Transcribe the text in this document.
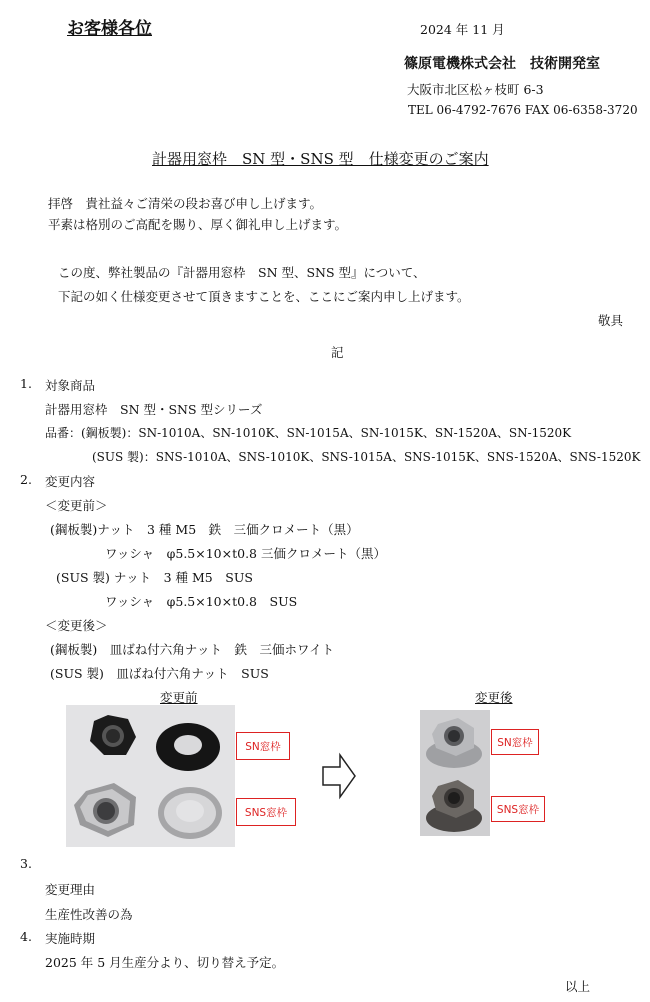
お客様各位	2024 年 11 月
篠原電機株式会社　技術開発室
大阪市北区松ヶ枝町 6-3
TEL 06-4792-7676 FAX 06-6358-3720
計器用窓枠　SN 型・SNS 型　仕様変更のご案内
拝啓　貴社益々ご清栄の段お喜び申し上げます。
平素は格別のご高配を賜り、厚く御礼申し上げます。
この度、弊社製品の『計器用窓枠　SN 型、SNS 型』について、
下記の如く仕様変更させて頂きますことを、ここにご案内申し上げます。
敬具
記
1. 対象商品
計器用窓枠　SN 型・SNS 型シリーズ
品番：(鋼板製)：SN-1010A、SN-1010K、SN-1015A、SN-1015K、SN-1520A、SN-1520K
(SUS 製)：SNS-1010A、SNS-1010K、SNS-1015A、SNS-1015K、SNS-1520A、SNS-1520K
2. 変更内容
＜変更前＞
(鋼板製)ナット　3 種 M5　鉄　三価クロメート（黒）
ワッシャ　φ5.5×10×t0.8 三価クロメート（黒）
(SUS 製) ナット　3 種 M5　SUS
ワッシャ　φ5.5×10×t0.8　SUS
＜変更後＞
(鋼板製)　皿ばね付六角ナット　鉄　三価ホワイト
(SUS 製)　皿ばね付六角ナット　SUS
変更前	変更後
SN窓枠
SNS窓枠
SN窓枠
SNS窓枠
3.
変更理由
生産性改善の為
4. 実施時期
2025 年 5 月生産分より、切り替え予定。
以上
